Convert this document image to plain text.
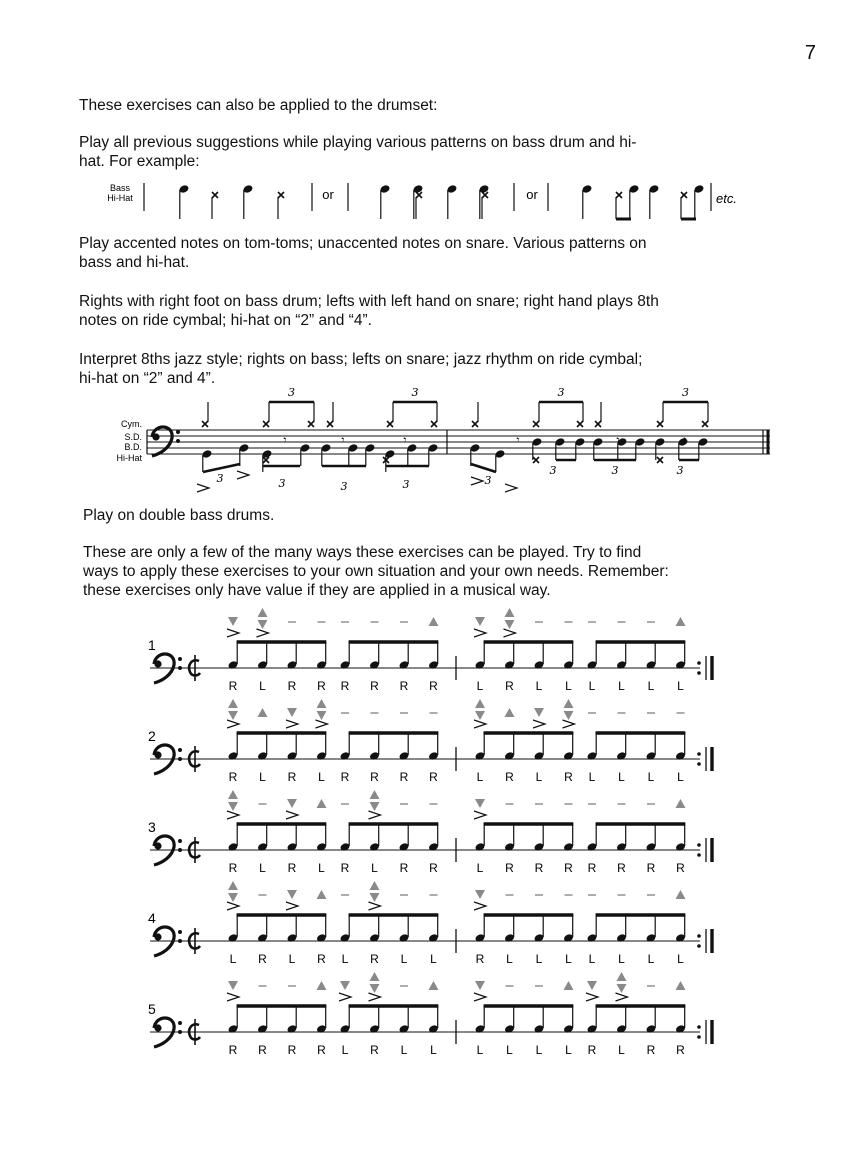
7

These exercises can also be applied to the drumset:

Play all previous suggestions while playing various patterns on bass drum and hi-hat. For example:

Bass
Hi-Hat	or	or	etc.

Play accented notes on tom-toms; unaccented notes on snare. Various patterns on bass and hi-hat.

Rights with right foot on bass drum; lefts with left hand on snare; right hand plays 8th notes on ride cymbal; hi-hat on “2” and “4”.

Interpret 8ths jazz style; rights on bass; lefts on snare; jazz rhythm on ride cymbal; hi-hat on “2” and 4”.

Cym.
S.D.
B.D.
Hi-Hat
3	3	3	3
3	3	3	3	3
3	3	3
𝄾	𝄾	𝄾	𝄾	𝄾	𝄾

Play on double bass drums.

These are only a few of the many ways these exercises can be played. Try to find ways to apply these exercises to your own situation and your own needs. Remember: these exercises only have value if they are applied in a musical way.

1
R L R R R R R R	L R L L L L L L
2
R L R L R R R R	L R L R L L L L
3
R L R L R L R R	L R R R R R R R
4
L R L R L R L L	R L L L L L L L
5
R R R R L R L L	L L L L R L R R
